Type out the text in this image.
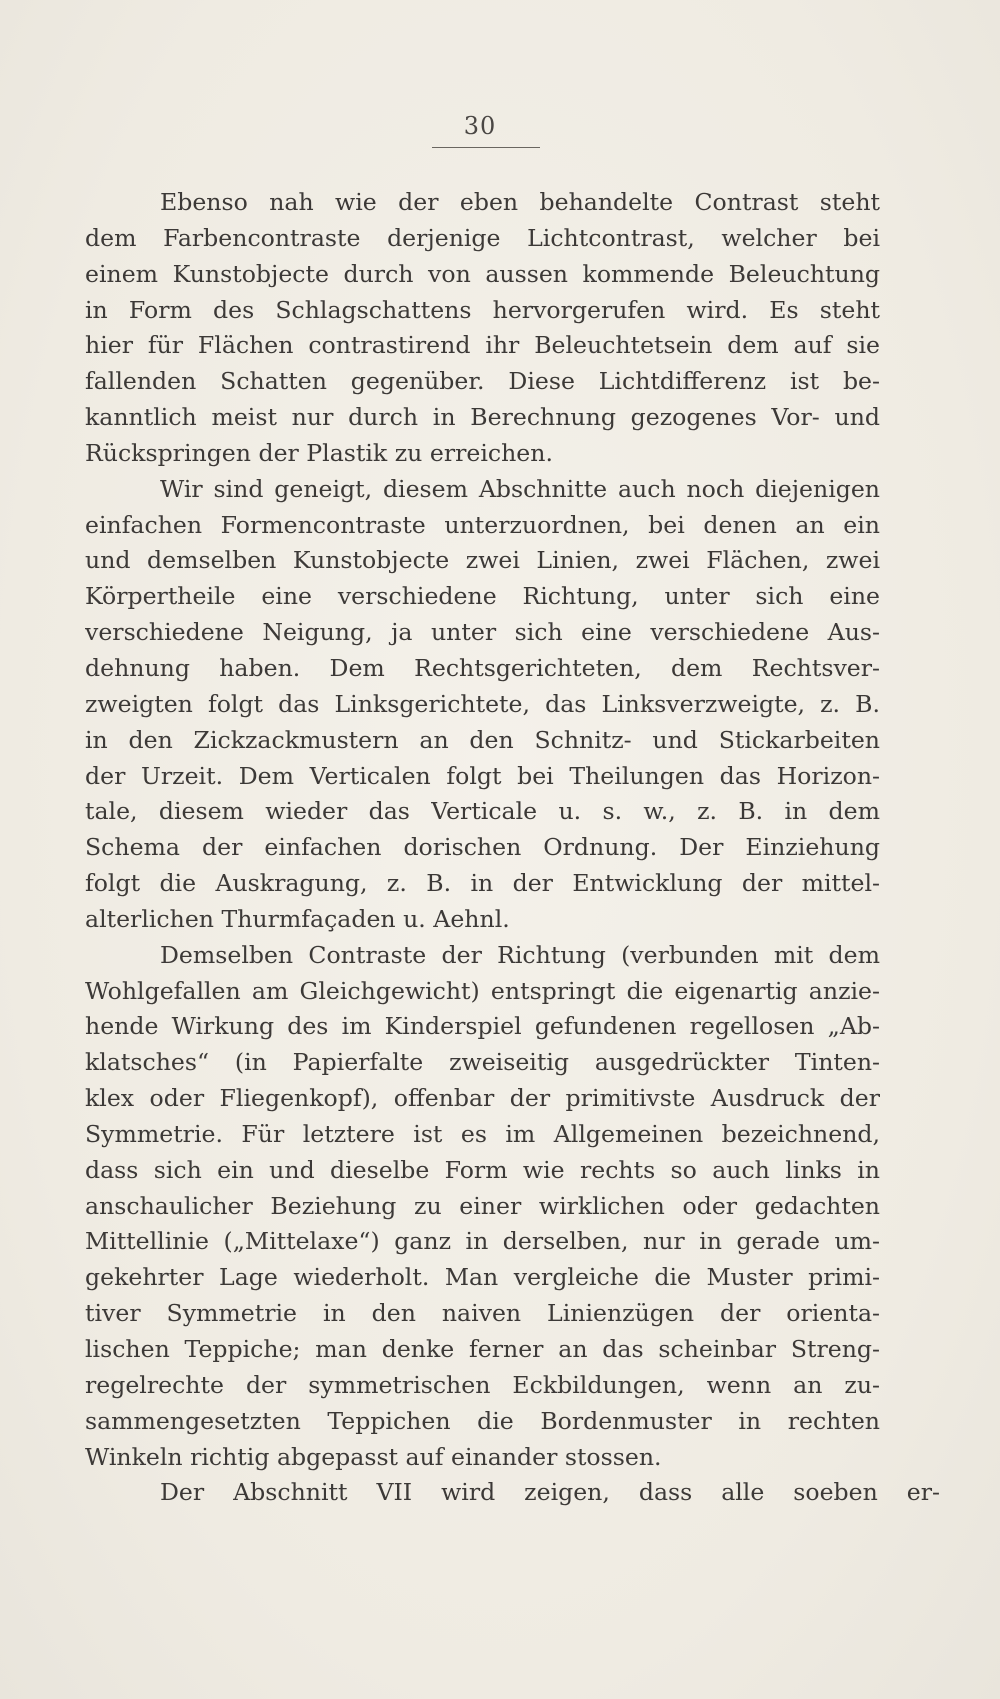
30
Ebenso nah wie der eben behandelte Contrast steht
dem Farbencontraste derjenige Lichtcontrast, welcher bei
einem Kunstobjecte durch von aussen kommende Beleuchtung
in Form des Schlagschattens hervorgerufen wird. Es steht
hier für Flächen contrastirend ihr Beleuchtetsein dem auf sie
fallenden Schatten gegenüber. Diese Lichtdifferenz ist be-
kanntlich meist nur durch in Berechnung gezogenes Vor- und
Rückspringen der Plastik zu erreichen.
Wir sind geneigt, diesem Abschnitte auch noch diejenigen
einfachen Formencontraste unterzuordnen, bei denen an ein
und demselben Kunstobjecte zwei Linien, zwei Flächen, zwei
Körpertheile eine verschiedene Richtung, unter sich eine
verschiedene Neigung, ja unter sich eine verschiedene Aus-
dehnung haben. Dem Rechtsgerichteten, dem Rechtsver-
zweigten folgt das Linksgerichtete, das Linksverzweigte, z. B.
in den Zickzackmustern an den Schnitz- und Stickarbeiten
der Urzeit. Dem Verticalen folgt bei Theilungen das Horizon-
tale, diesem wieder das Verticale u. s. w., z. B. in dem
Schema der einfachen dorischen Ordnung. Der Einziehung
folgt die Auskragung, z. B. in der Entwicklung der mittel-
alterlichen Thurmfaçaden u. Aehnl.
Demselben Contraste der Richtung (verbunden mit dem
Wohlgefallen am Gleichgewicht) entspringt die eigenartig anzie-
hende Wirkung des im Kinderspiel gefundenen regellosen „Ab-
klatsches“ (in Papierfalte zweiseitig ausgedrückter Tinten-
klex oder Fliegenkopf), offenbar der primitivste Ausdruck der
Symmetrie. Für letztere ist es im Allgemeinen bezeichnend,
dass sich ein und dieselbe Form wie rechts so auch links in
anschaulicher Beziehung zu einer wirklichen oder gedachten
Mittellinie („Mittelaxe“) ganz in derselben, nur in gerade um-
gekehrter Lage wiederholt. Man vergleiche die Muster primi-
tiver Symmetrie in den naiven Linienzügen der orienta-
lischen Teppiche; man denke ferner an das scheinbar Streng-
regelrechte der symmetrischen Eckbildungen, wenn an zu-
sammengesetzten Teppichen die Bordenmuster in rechten
Winkeln richtig abgepasst auf einander stossen.
Der Abschnitt VII wird zeigen, dass alle soeben er-
